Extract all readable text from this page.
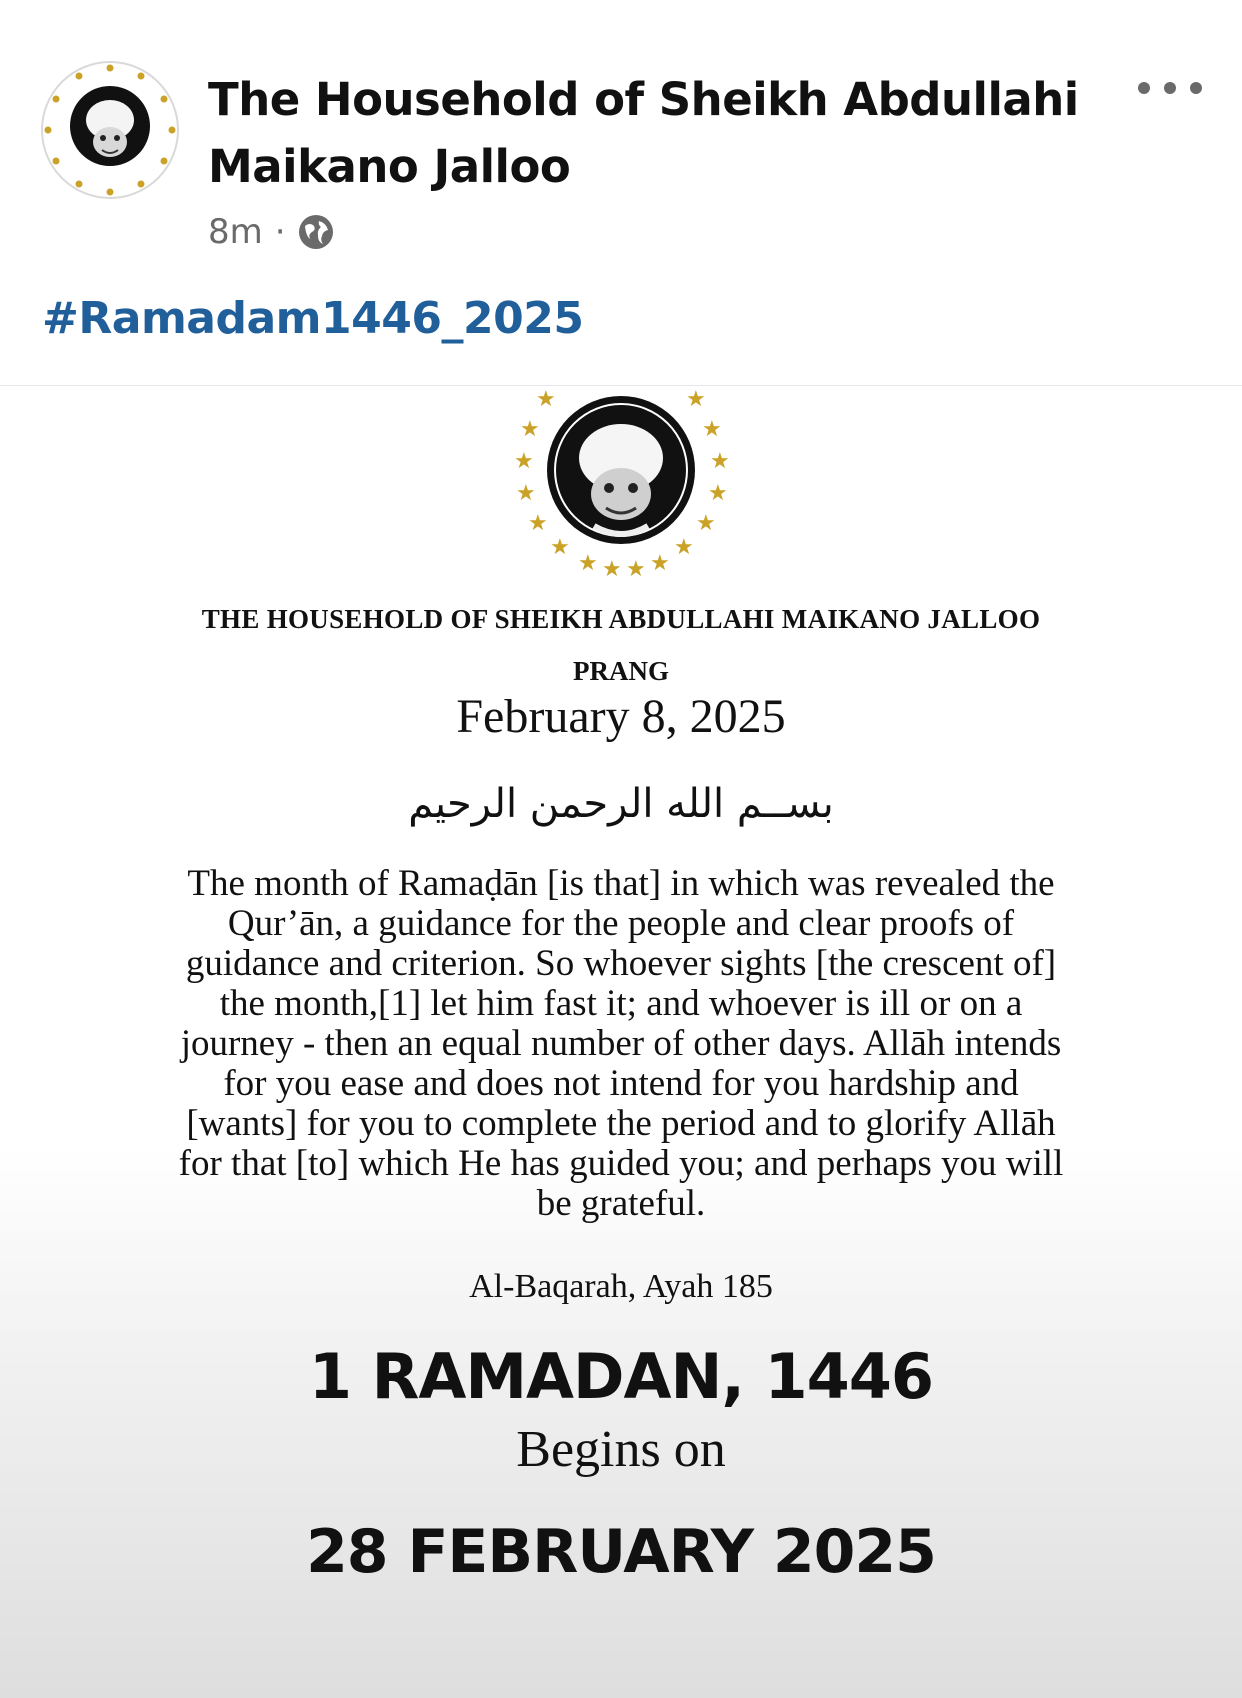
The Household of Sheikh Abdullahi Maikano Jalloo
8m ·
#Ramadam1446_2025
★	★
★	★
★	★
★	★
★	★
★	★
★ ★ ★ ★
THE HOUSEHOLD OF SHEIKH ABDULLAHI MAIKANO JALLOO
PRANG
February 8, 2025
بســم الله الرحمن الرحيم
The month of Ramaḍān [is that] in which was revealed the
Qur’ān, a guidance for the people and clear proofs of
guidance and criterion. So whoever sights [the crescent of]
the month,[1] let him fast it; and whoever is ill or on a
journey - then an equal number of other days. Allāh intends
for you ease and does not intend for you hardship and
[wants] for you to complete the period and to glorify Allāh
for that [to] which He has guided you; and perhaps you will
be grateful.
Al-Baqarah, Ayah 185
1 RAMADAN, 1446
Begins on
28 FEBRUARY 2025
